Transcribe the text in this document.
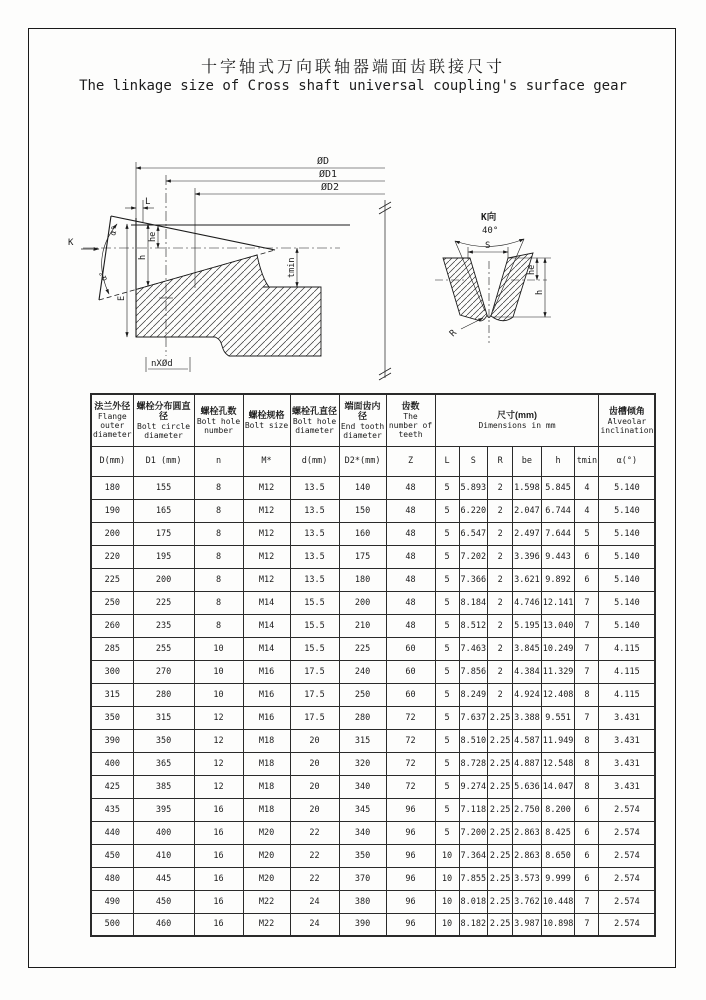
十字轴式万向联轴器端面齿联接尺寸
The linkage size of Cross shaft universal coupling's surface gear
ØD
ØD1
ØD2
L
K
α°
α°
he
h
E
tmin
nXØd
K向
40°
S
he
h
R
法兰外径
Flange outer diameter

螺栓分布圆直径
Bolt circle diameter

螺栓孔数
Bolt hole number

螺栓规格
Bolt size

螺栓孔直径
Bolt hole diameter

端面齿内径
End tooth diameter

齿数
The number of teeth

尺寸(mm)
Dimensions in mm

齿槽倾角
Alveolar inclination

D(mm)	D1 (mm)	n	M*	d(mm)	D2*(mm)	Z	L	S	R	be	h	tmin	α(°)
180	155	8	M12	13.5	140	48	5	5.893	2	1.598	5.845	4	5.140
190	165	8	M12	13.5	150	48	5	6.220	2	2.047	6.744	4	5.140
200	175	8	M12	13.5	160	48	5	6.547	2	2.497	7.644	5	5.140
220	195	8	M12	13.5	175	48	5	7.202	2	3.396	9.443	6	5.140
225	200	8	M12	13.5	180	48	5	7.366	2	3.621	9.892	6	5.140
250	225	8	M14	15.5	200	48	5	8.184	2	4.746	12.141	7	5.140
260	235	8	M14	15.5	210	48	5	8.512	2	5.195	13.040	7	5.140
285	255	10	M14	15.5	225	60	5	7.463	2	3.845	10.249	7	4.115
300	270	10	M16	17.5	240	60	5	7.856	2	4.384	11.329	7	4.115
315	280	10	M16	17.5	250	60	5	8.249	2	4.924	12.408	8	4.115
350	315	12	M16	17.5	280	72	5	7.637	2.25	3.388	9.551	7	3.431
390	350	12	M18	20	315	72	5	8.510	2.25	4.587	11.949	8	3.431
400	365	12	M18	20	320	72	5	8.728	2.25	4.887	12.548	8	3.431
425	385	12	M18	20	340	72	5	9.274	2.25	5.636	14.047	8	3.431
435	395	16	M18	20	345	96	5	7.118	2.25	2.750	8.200	6	2.574
440	400	16	M20	22	340	96	5	7.200	2.25	2.863	8.425	6	2.574
450	410	16	M20	22	350	96	10	7.364	2.25	2.863	8.650	6	2.574
480	445	16	M20	22	370	96	10	7.855	2.25	3.573	9.999	6	2.574
490	450	16	M22	24	380	96	10	8.018	2.25	3.762	10.448	7	2.574
500	460	16	M22	24	390	96	10	8.182	2.25	3.987	10.898	7	2.574
